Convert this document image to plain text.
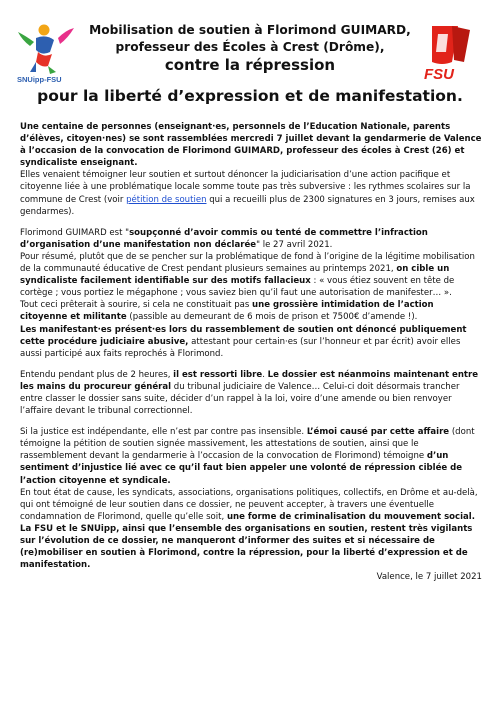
SNUipp-FSU
Mobilisation de soutien à Florimond GUIMARD,
professeur des Écoles à Crest (Drôme),
contre la répression
pour la liberté d’expression et de manifestation.
FSU

Une centaine de personnes (enseignant·es, personnels de l’Education Nationale, parents d’élèves, citoyen·nes) se sont rassemblées mercredi 7 juillet devant la gendarmerie de Valence à l’occasion de la convocation de Florimond GUIMARD, professeur des écoles à Crest (26) et syndicaliste enseignant.

Elles venaient témoigner leur soutien et surtout dénoncer la judiciarisation d’une action pacifique et citoyenne liée à une problématique locale somme toute pas très subversive : les rythmes scolaires sur la commune de Crest (voir pétition de soutien qui a recueilli plus de 2300 signatures en 3 jours, remises aux gendarmes).

Florimond GUIMARD est "soupçonné d’avoir commis ou tenté de commettre l’infraction d’organisation d’une manifestation non déclarée" le 27 avril 2021.

Pour résumé, plutôt que de se pencher sur la problématique de fond à l’origine de la légitime mobilisation de la communauté éducative de Crest pendant plusieurs semaines au printemps 2021, on cible un syndicaliste facilement identifiable sur des motifs fallacieux : « vous étiez souvent en tête de cortège ; vous portiez le mégaphone ; vous saviez bien qu’il faut une autorisation de manifester… ».

Tout ceci prêterait à sourire, si cela ne constituait pas une grossière intimidation de l’action citoyenne et militante (passible au demeurant de 6 mois de prison et 7500€ d’amende !).

Les manifestant·es présent·es lors du rassemblement de soutien ont dénoncé publiquement cette procédure judiciaire abusive, attestant pour certain·es (sur l’honneur et par écrit) avoir elles aussi participé aux faits reprochés à Florimond.

Entendu pendant plus de 2 heures, il est ressorti libre. Le dossier est néanmoins maintenant entre les mains du procureur général du tribunal judiciaire de Valence… Celui-ci doit désormais trancher entre classer le dossier sans suite, décider d’un rappel à la loi, voire d’une amende ou bien renvoyer l’affaire devant le tribunal correctionnel.

Si la justice est indépendante, elle n’est par contre pas insensible. L’émoi causé par cette affaire (dont témoigne la pétition de soutien signée massivement, les attestations de soutien, ainsi que le rassemblement devant la gendarmerie à l’occasion de la convocation de Florimond) témoigne d’un sentiment d’injustice lié avec ce qu’il faut bien appeler une volonté de répression ciblée de l’action citoyenne et syndicale.

En tout état de cause, les syndicats, associations, organisations politiques, collectifs, en Drôme et au-delà, qui ont témoigné de leur soutien dans ce dossier, ne peuvent accepter, à travers une éventuelle condamnation de Florimond, quelle qu’elle soit, une forme de criminalisation du mouvement social.

La FSU et le SNUipp, ainsi que l’ensemble des organisations en soutien, restent très vigilants sur l’évolution de ce dossier, ne manqueront d’informer des suites et si nécessaire de (re)mobiliser en soutien à Florimond, contre la répression, pour la liberté d’expression et de manifestation.

Valence, le 7 juillet 2021
